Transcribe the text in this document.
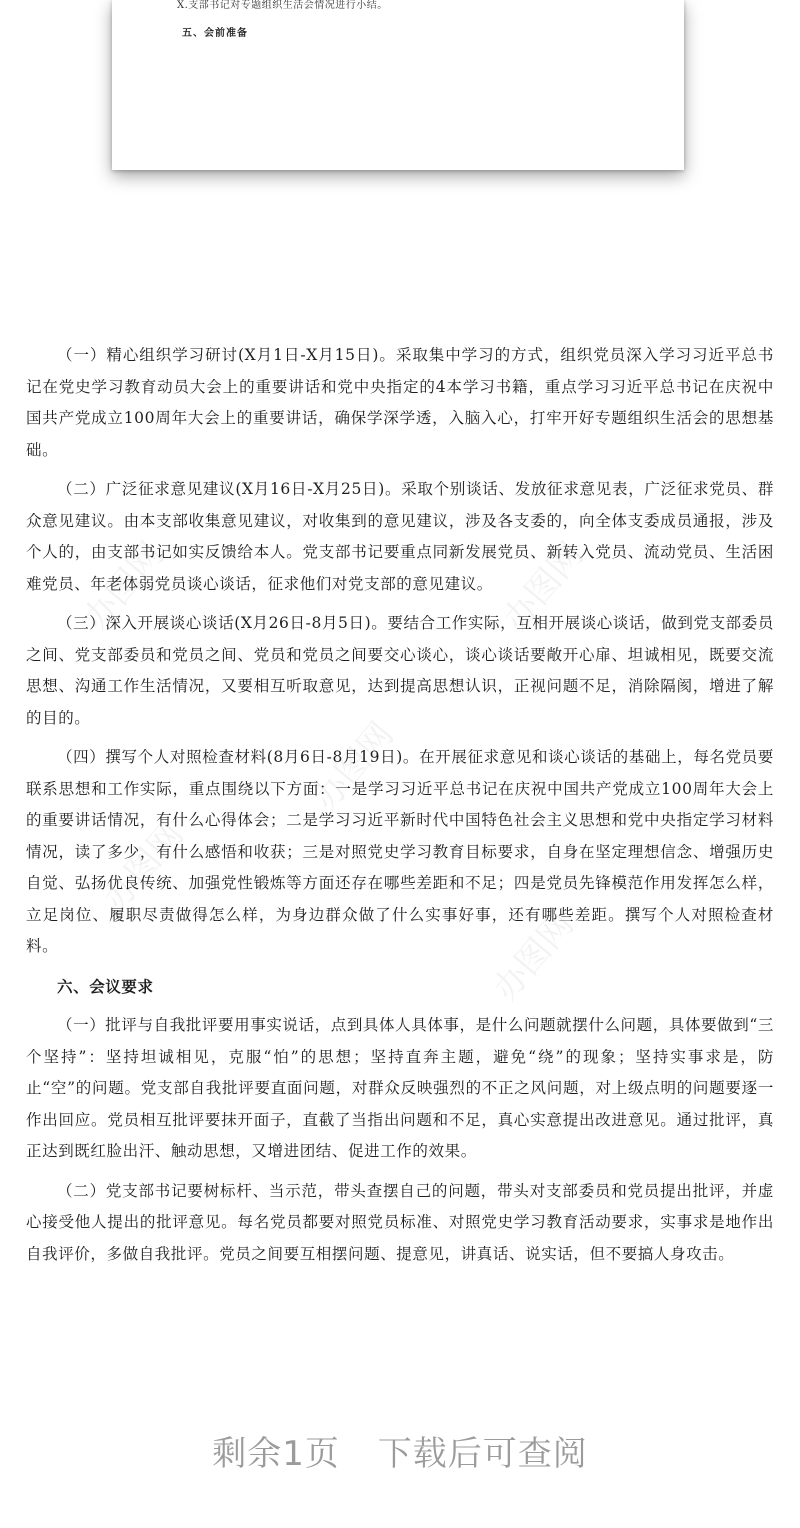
X.支部书记对专题组织生活会情况进行小结。
五、会前准备
办图网	办图网
办图网
办图网
办图网

（一）精心组织学习研讨(X月1日-X月15日)。采取集中学习的方式，组织党员深入学习习近平总书记在党史学习教育动员大会上的重要讲话和党中央指定的4本学习书籍，重点学习习近平总书记在庆祝中国共产党成立100周年大会上的重要讲话，确保学深学透，入脑入心，打牢开好专题组织生活会的思想基础。

（二）广泛征求意见建议(X月16日-X月25日)。采取个别谈话、发放征求意见表，广泛征求党员、群众意见建议。由本支部收集意见建议，对收集到的意见建议，涉及各支委的，向全体支委成员通报，涉及个人的，由支部书记如实反馈给本人。党支部书记要重点同新发展党员、新转入党员、流动党员、生活困难党员、年老体弱党员谈心谈话，征求他们对党支部的意见建议。

（三）深入开展谈心谈话(X月26日-8月5日)。要结合工作实际，互相开展谈心谈话，做到党支部委员之间、党支部委员和党员之间、党员和党员之间要交心谈心，谈心谈话要敞开心扉、坦诚相见，既要交流思想、沟通工作生活情况，又要相互听取意见，达到提高思想认识，正视问题不足，消除隔阂，增进了解的目的。

（四）撰写个人对照检查材料(8月6日-8月19日)。在开展征求意见和谈心谈话的基础上，每名党员要联系思想和工作实际，重点围绕以下方面：一是学习习近平总书记在庆祝中国共产党成立100周年大会上的重要讲话情况，有什么心得体会；二是学习习近平新时代中国特色社会主义思想和党中央指定学习材料情况，读了多少，有什么感悟和收获；三是对照党史学习教育目标要求，自身在坚定理想信念、增强历史自觉、弘扬优良传统、加强党性锻炼等方面还存在哪些差距和不足；四是党员先锋模范作用发挥怎么样，立足岗位、履职尽责做得怎么样，为身边群众做了什么实事好事，还有哪些差距。撰写个人对照检查材料。

六、会议要求

（一）批评与自我批评要用事实说话，点到具体人具体事，是什么问题就摆什么问题，具体要做到“三个坚持”：坚持坦诚相见，克服“怕”的思想；坚持直奔主题，避免“绕”的现象；坚持实事求是，防止“空”的问题。党支部自我批评要直面问题，对群众反映强烈的不正之风问题，对上级点明的问题要逐一作出回应。党员相互批评要抹开面子，直截了当指出问题和不足，真心实意提出改进意见。通过批评，真正达到既红脸出汗、触动思想，又增进团结、促进工作的效果。

（二）党支部书记要树标杆、当示范，带头查摆自己的问题，带头对支部委员和党员提出批评，并虚心接受他人提出的批评意见。每名党员都要对照党员标准、对照党史学习教育活动要求，实事求是地作出自我评价，多做自我批评。党员之间要互相摆问题、提意见，讲真话、说实话，但不要搞人身攻击。

剩余1页 下载后可查阅
